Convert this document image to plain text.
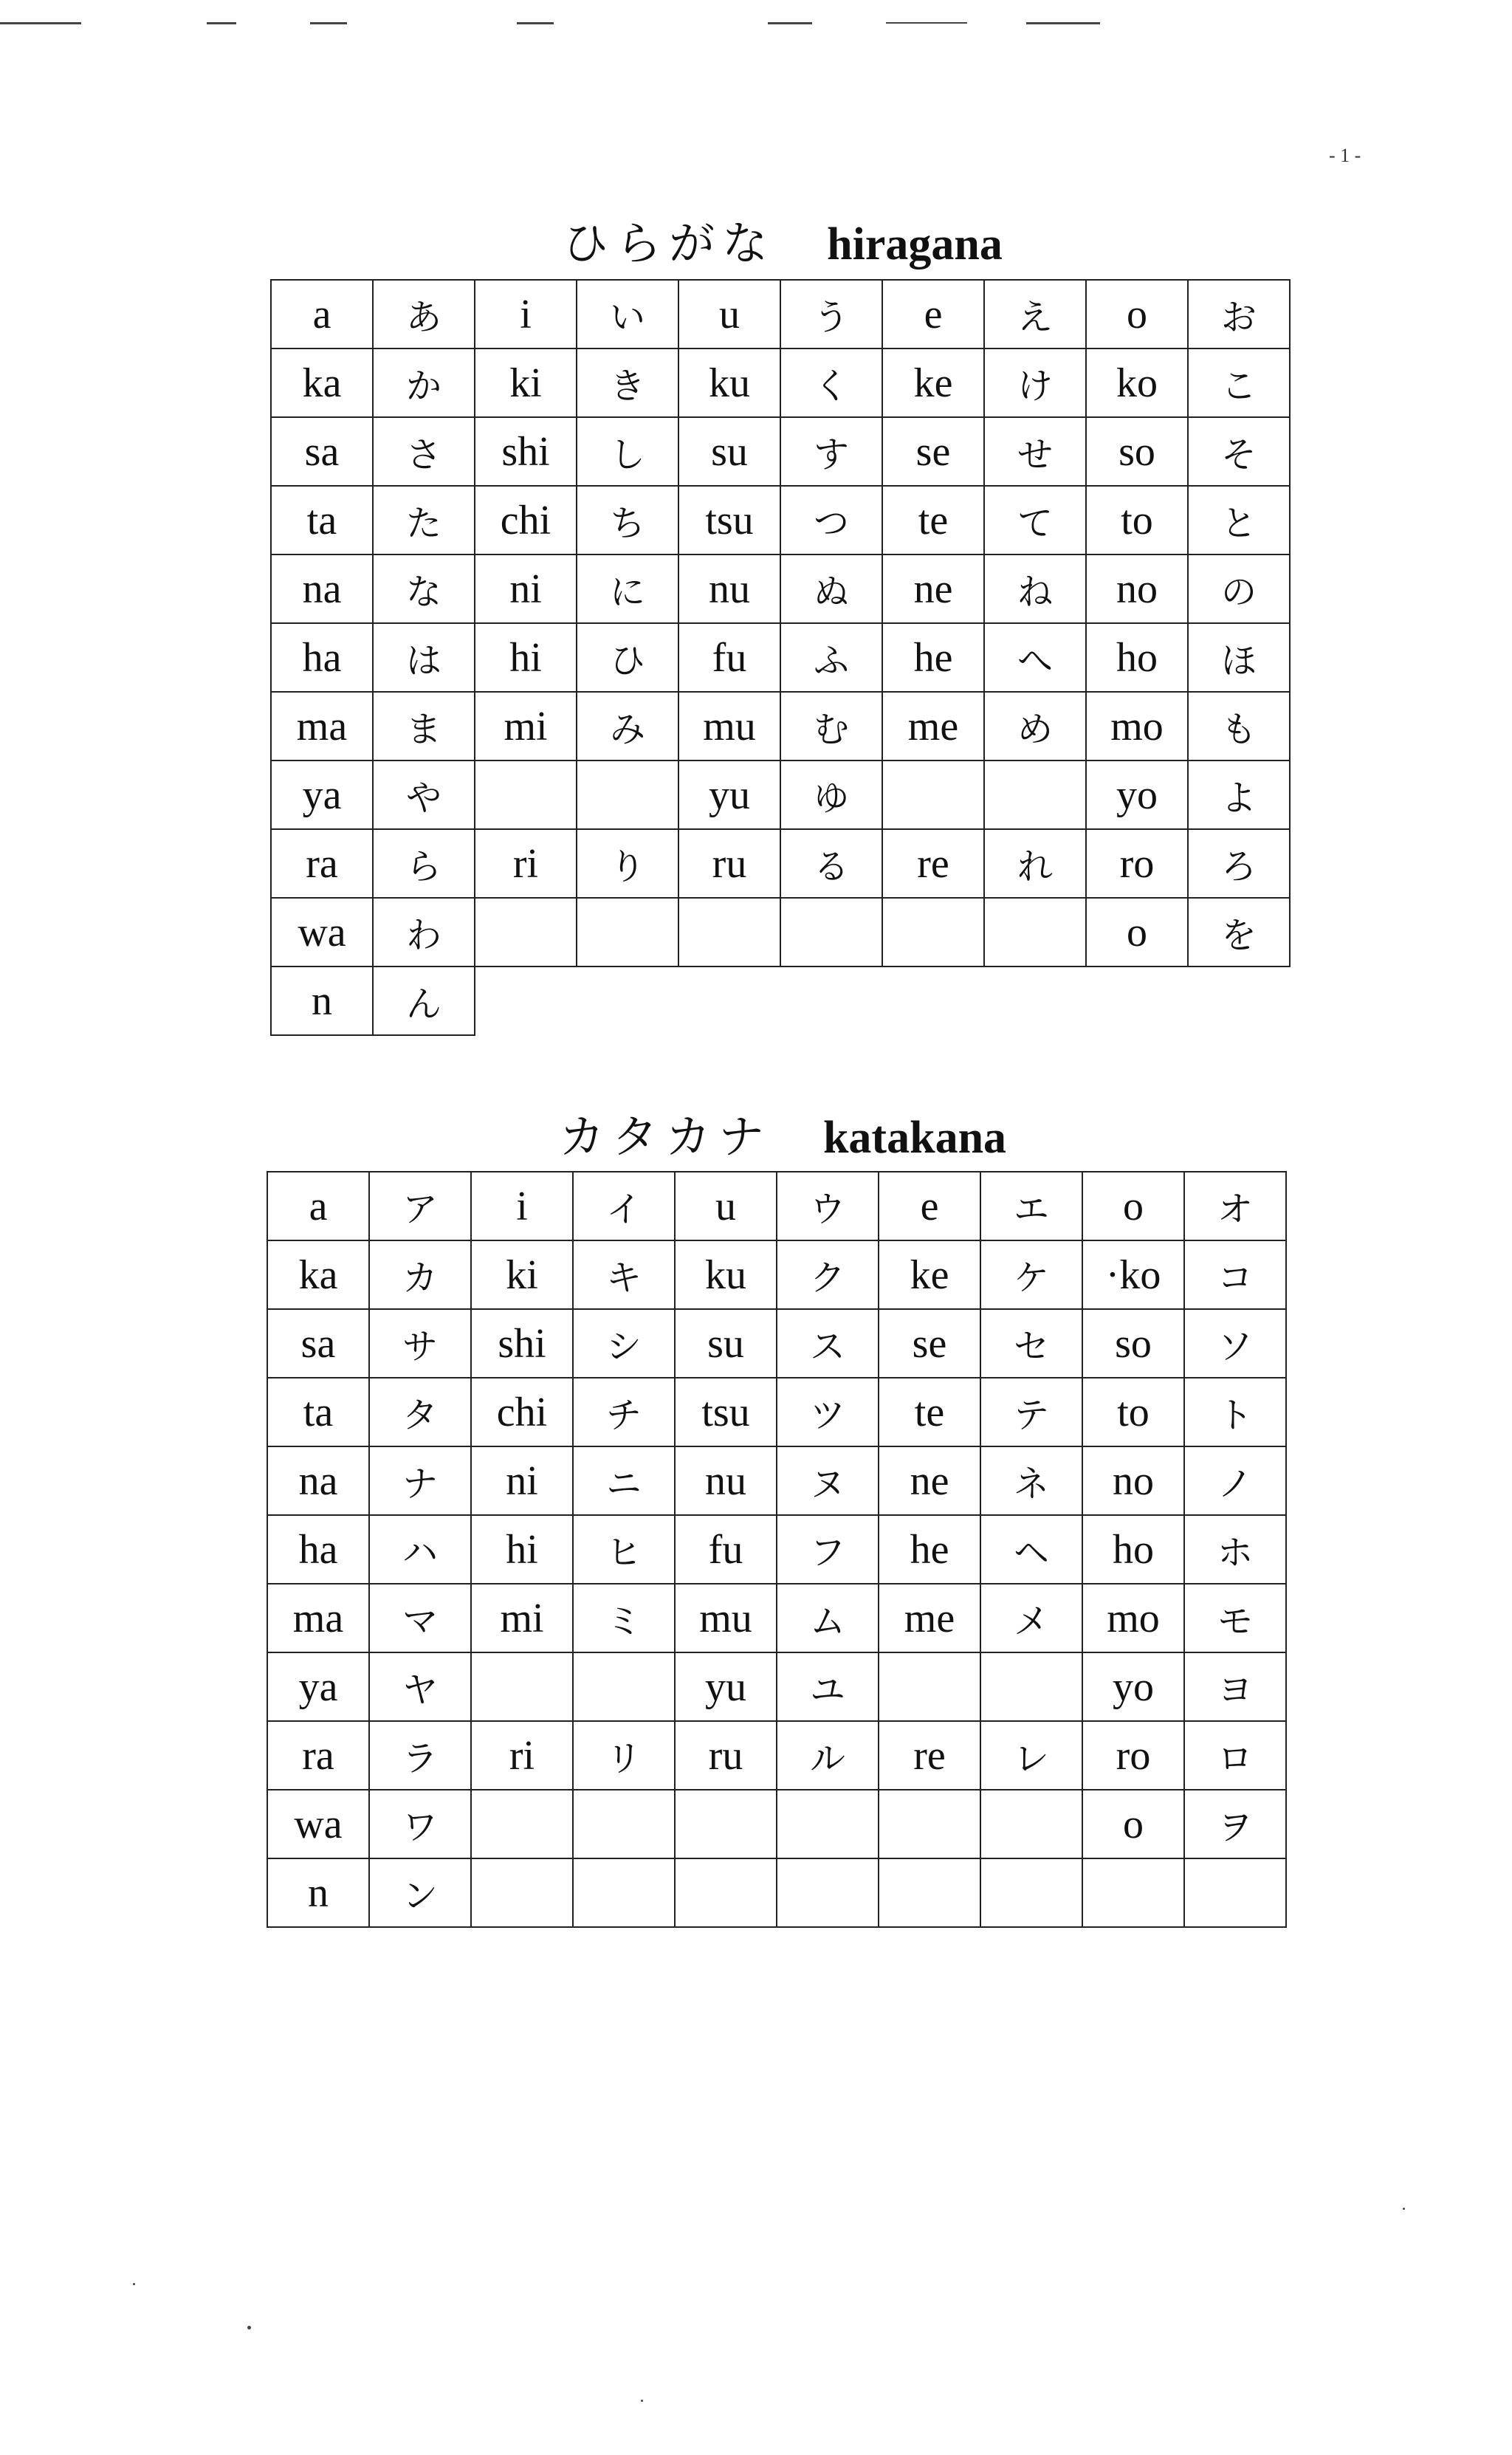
- 1 -
ひらがな hiragana
a	あ	i	い	u	う	e	え	o	お
ka	か	ki	き	ku	く	ke	け	ko	こ
sa	さ	shi	し	su	す	se	せ	so	そ
ta	た	chi	ち	tsu	つ	te	て	to	と
na	な	ni	に	nu	ぬ	ne	ね	no	の
ha	は	hi	ひ	fu	ふ	he	へ	ho	ほ
ma	ま	mi	み	mu	む	me	め	mo	も
ya	や			yu	ゆ			yo	よ
ra	ら	ri	り	ru	る	re	れ	ro	ろ
wa	わ							o	を
n	ん								
カタカナ katakana
a	ア	i	イ	u	ウ	e	エ	o	オ
ka	カ	ki	キ	ku	ク	ke	ケ	·ko	コ
sa	サ	shi	シ	su	ス	se	セ	so	ソ
ta	タ	chi	チ	tsu	ツ	te	テ	to	ト
na	ナ	ni	ニ	nu	ヌ	ne	ネ	no	ノ
ha	ハ	hi	ヒ	fu	フ	he	ヘ	ho	ホ
ma	マ	mi	ミ	mu	ム	me	メ	mo	モ
ya	ヤ			yu	ユ			yo	ヨ
ra	ラ	ri	リ	ru	ル	re	レ	ro	ロ
wa	ワ							o	ヲ
n	ン								
